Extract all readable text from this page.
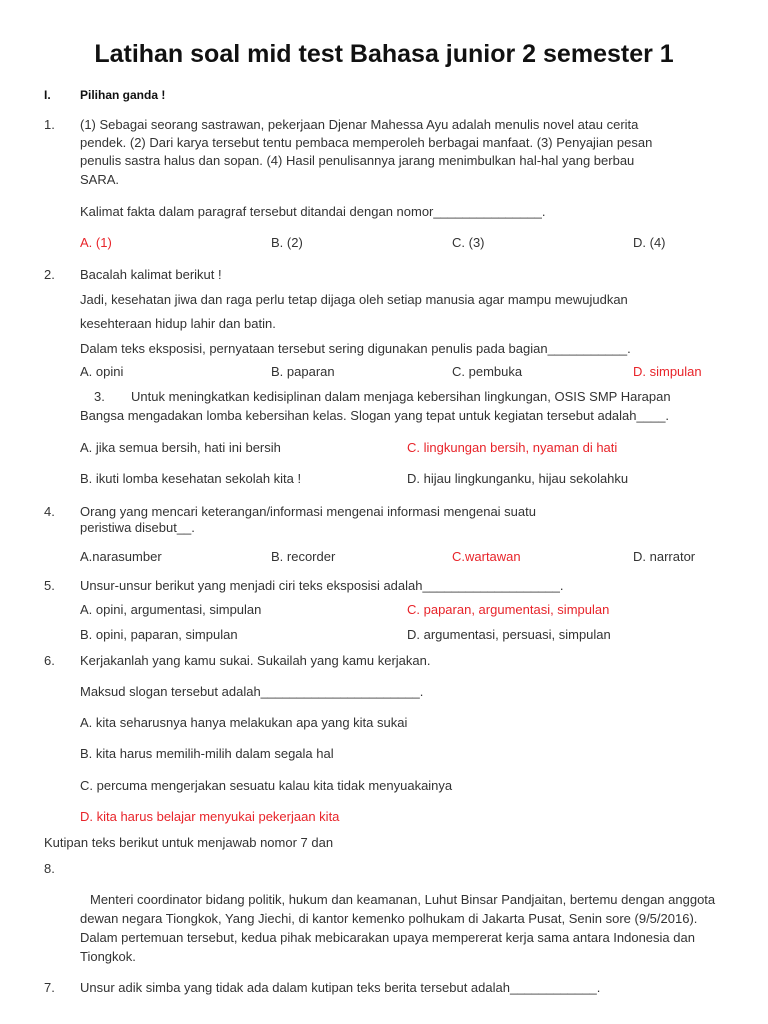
Latihan soal mid test Bahasa junior 2 semester 1
I. Pilihan ganda !
1. (1) Sebagai seorang sastrawan, pekerjaan Djenar Mahessa Ayu adalah menulis novel atau cerita
pendek. (2) Dari karya tersebut tentu pembaca memperoleh berbagai manfaat. (3) Penyajian pesan
penulis sastra halus dan sopan. (4) Hasil penulisannya jarang menimbulkan hal-hal yang berbau
SARA.
Kalimat fakta dalam paragraf tersebut ditandai dengan nomor_______________.
A. (1)	B. (2)	C. (3)	D. (4)
2. Bacalah kalimat berikut !
Jadi, kesehatan jiwa dan raga perlu tetap dijaga oleh setiap manusia agar mampu mewujudkan
kesehteraan hidup lahir dan batin.
Dalam teks eksposisi, pernyataan tersebut sering digunakan penulis pada bagian___________.
A. opini	B. paparan	C. pembuka	D. simpulan
3. Untuk meningkatkan kedisiplinan dalam menjaga kebersihan lingkungan, OSIS SMP Harapan
Bangsa mengadakan lomba kebersihan kelas. Slogan yang tepat untuk kegiatan tersebut adalah____.
A. jika semua bersih, hati ini bersih	C. lingkungan bersih, nyaman di hati
B. ikuti lomba kesehatan sekolah kita !	D. hijau lingkunganku, hijau sekolahku
4. Orang yang mencari keterangan/informasi mengenai informasi mengenai suatu
peristiwa disebut__.
A.narasumber	B. recorder	C.wartawan	D. narrator
5. Unsur-unsur berikut yang menjadi ciri teks eksposisi adalah___________________.
A. opini, argumentasi, simpulan	C. paparan, argumentasi, simpulan
B. opini, paparan, simpulan	D. argumentasi, persuasi, simpulan
6. Kerjakanlah yang kamu sukai. Sukailah yang kamu kerjakan.
Maksud slogan tersebut adalah______________________.
A. kita seharusnya hanya melakukan apa yang kita sukai
B. kita harus memilih-milih dalam segala hal
C. percuma mengerjakan sesuatu kalau kita tidak menyuakainya
D. kita harus belajar menyukai pekerjaan kita
Kutipan teks berikut untuk menjawab nomor 7 dan
8.
Menteri coordinator bidang politik, hukum dan keamanan, Luhut Binsar Pandjaitan, bertemu dengan anggota dewan negara Tiongkok, Yang Jiechi, di kantor kemenko polhukam di Jakarta Pusat, Senin sore (9/5/2016). Dalam pertemuan tersebut, kedua pihak mebicarakan upaya mempererat kerja sama antara Indonesia dan Tiongkok.
7. Unsur adik simba yang tidak ada dalam kutipan teks berita tersebut adalah____________.
